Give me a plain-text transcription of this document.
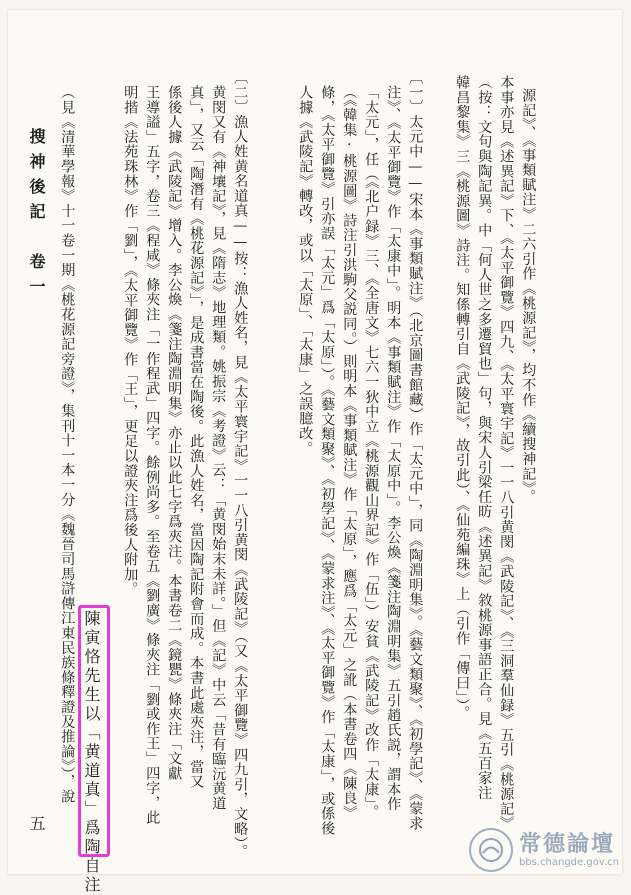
搜神後記　卷一
五
源記》、《事類賦注》二六引作《桃源記》，均不作《續搜神記》。
本事亦見《述異記》下、《太平御覽》四九、《太平寰宇記》一一八引黄閔《武陵記》、《三洞羣仙録》五引《桃源記》
（按：文句與陶記異。中「何人世之多遷貿也」句，與宋人引梁任昉《述異記》敘桃源事語正合。見《五百家注
韓昌黎集》三《桃源圖》詩注。知係轉引自《武陵記》，故引此）、《仙苑編珠》上（引作「傳曰」）。
〔一〕太元中——宋本《事類賦注》（北京圖書館藏）作「太元中」，同《陶淵明集》。《藝文類聚》、《初學記》、《蒙求
注》、《太平御覽》作「太康中」。明本《事類賦注》作「太原中」。李公煥《箋注陶淵明集》五引趙氏説，謂本作
「太元」，任（《北户録》三、《全唐文》七六一狄中立《桃源觀山界記》作「伍」）安貧《武陵記》改作「太康」。
（《韓集·桃源圖》詩注引洪駒父説同。）則明本《事類賦注》作「太原」，應爲「太元」之訛（本書卷四《陳良》
條，《太平御覽》引亦誤「太元」爲「太原」）。《藝文類聚》、《初學記》、《蒙求注》、《太平御覽》作「太康」，或係後
人據《武陵記》轉改，或以「太原」、「太康」之誤臆改。
〔二〕漁人姓黄名道真——按：漁人姓名，見《太平寰宇記》一一八引黄閔《武陵記》（又《太平御覽》四九引，文略）。
黄閔又有《神壤記》，見《隋志》地理類。姚振宗《考證》云：「黄閔始末未詳。」但《記》中云「昔有臨沅黄道
真」，又云「陶潛有《桃花源記》」，是成書當在陶後。此漁人姓名，當因陶記附會而成。本書此處夾注，當又
係後人據《武陵記》增入。李公煥《箋注陶淵明集》亦止以此七字爲夾注。本書卷二《鏡甖》條夾注「文獻
王導謚」五字，卷三《程咸》條夾注「一作程武」四字。餘例尚多。至卷五《劉廣》條夾注「劉或作王」四字，此
明揩《法苑珠林》作「劉」，《太平御覽》作「王」，更足以證夾注爲後人附加。
（見《清華學報》十一卷一期《桃花源記旁證》，集刊十一本一分《魏晉司馬滸傳江東民族條釋證及推論》），說 陳寅恪先生以「黄道真」爲陶自注	常德論壇
bbs.changde.gov.cn
